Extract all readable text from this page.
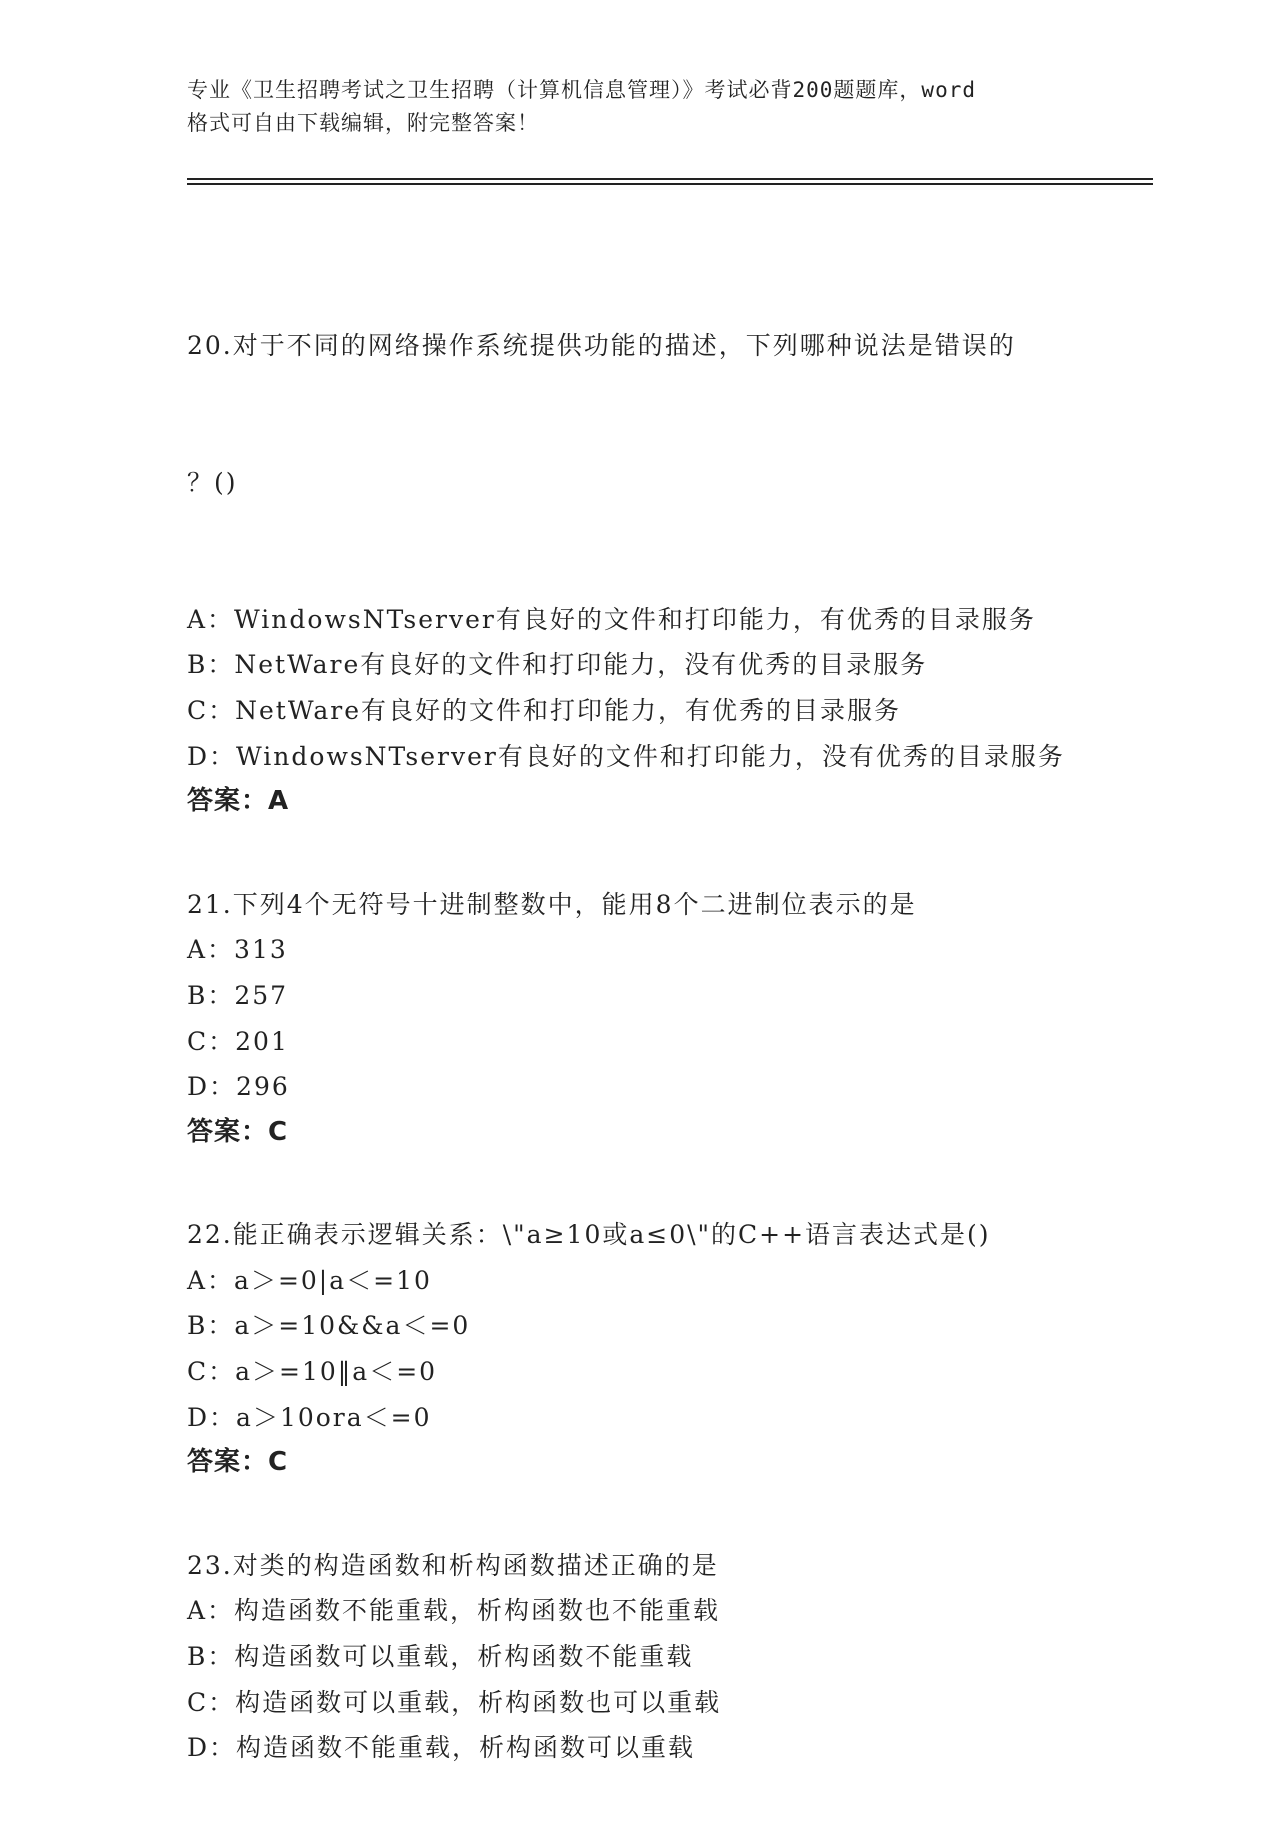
专业《卫生招聘考试之卫生招聘（计算机信息管理）》考试必背200题题库，word
格式可自由下载编辑，附完整答案！

20.对于不同的网络操作系统提供功能的描述，下列哪种说法是错误的

？()

A：WindowsNTserver有良好的文件和打印能力，有优秀的目录服务
B：NetWare有良好的文件和打印能力，没有优秀的目录服务
C：NetWare有良好的文件和打印能力，有优秀的目录服务
D：WindowsNTserver有良好的文件和打印能力，没有优秀的目录服务
答案：A
21.下列4个无符号十进制整数中，能用8个二进制位表示的是
A：313
B：257
C：201
D：296
答案：C
22.能正确表示逻辑关系：\"a≥10或a≤0\"的C++语言表达式是()
A：a＞=0|a＜=10
B：a＞=10&&a＜=0
C：a＞=10‖a＜=0
D：a＞10ora＜=0
答案：C
23.对类的构造函数和析构函数描述正确的是
A：构造函数不能重载，析构函数也不能重载
B：构造函数可以重载，析构函数不能重载
C：构造函数可以重载，析构函数也可以重载
D：构造函数不能重载，析构函数可以重载
